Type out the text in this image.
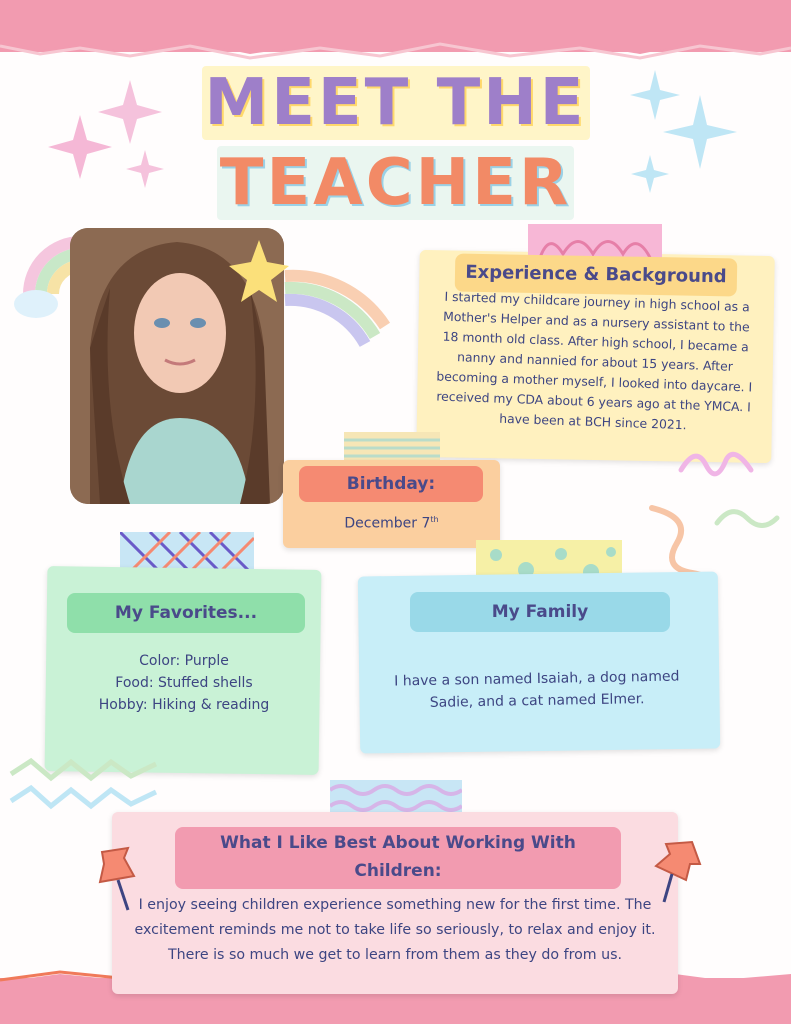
MEET THE
TEACHER
Experience & Background
I started my childcare journey in high school as a Mother's Helper and as a nursery assistant to the 18 month old class. After high school, I became a nanny and nannied for about 15 years. After becoming a mother myself, I looked into daycare. I received my CDA about 6 years ago at the YMCA. I have been at BCH since 2021.
Birthday:
December 7th
My Favorites...
Color: Purple
Food: Stuffed shells
Hobby: Hiking & reading
My Family
I have a son named Isaiah, a dog named Sadie, and a cat named Elmer.
What I Like Best About Working With Children:
I enjoy seeing children experience something new for the first time. The excitement reminds me not to take life so seriously, to relax and enjoy it. There is so much we get to learn from them as they do from us.
